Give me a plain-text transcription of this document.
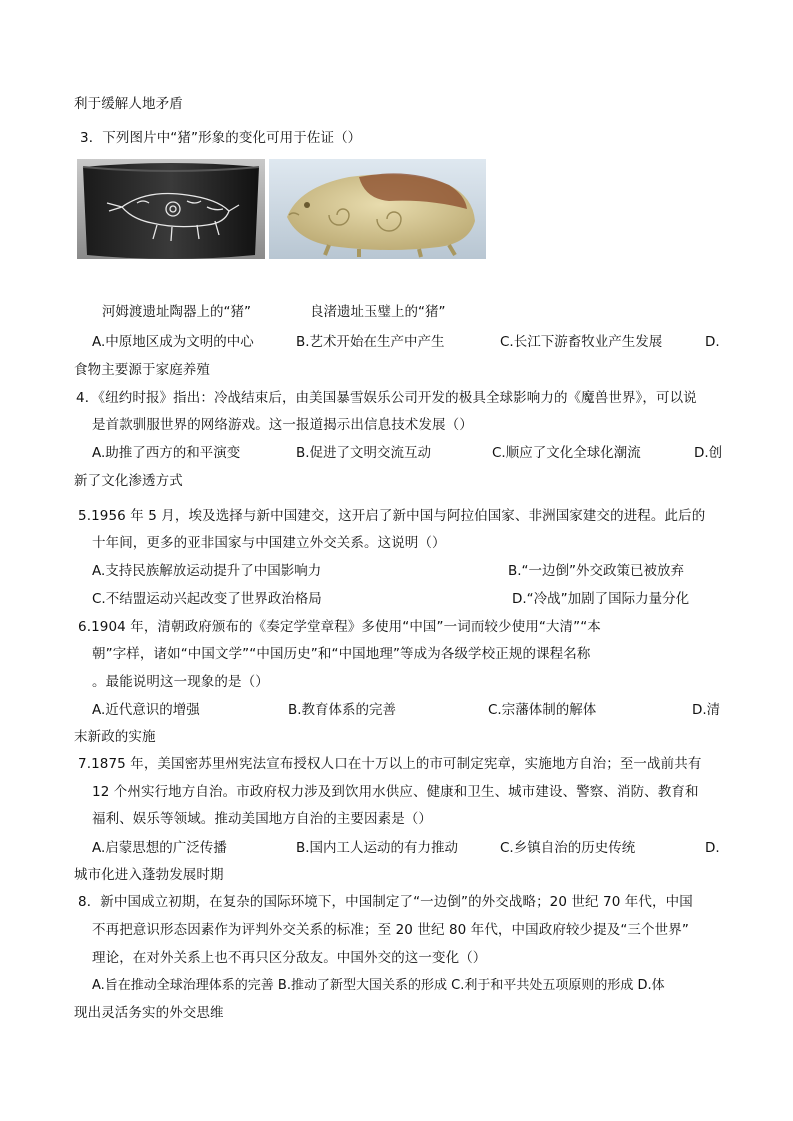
利于缓解人地矛盾
3．下列图片中“猪”形象的变化可用于佐证（）
河姆渡遗址陶器上的“猪”	良渚遗址玉璧上的“猪”
A.中原地区成为文明的中心	B.艺术开始在生产中产生	C.长江下游畜牧业产生发展	D.
食物主要源于家庭养殖
4．《纽约时报》指出：冷战结束后，由美国暴雪娱乐公司开发的极具全球影响力的《魔兽世界》，可以说
是首款驯服世界的网络游戏。这一报道揭示出信息技术发展（）
A.助推了西方的和平演变	B.促进了文明交流互动	C.顺应了文化全球化潮流	D.创
新了文化渗透方式
5.1956 年 5 月，埃及选择与新中国建交，这开启了新中国与阿拉伯国家、非洲国家建交的进程。此后的
十年间，更多的亚非国家与中国建立外交关系。这说明（）
A.支持民族解放运动提升了中国影响力	B.“一边倒”外交政策已被放弃
C.不结盟运动兴起改变了世界政治格局	D.“冷战”加剧了国际力量分化
6.1904 年，清朝政府颁布的《奏定学堂章程》多使用“中国”一词而较少使用“大清”“本
朝”字样，诸如“中国文学”“中国历史”和“中国地理”等成为各级学校正规的课程名称
。最能说明这一现象的是（）
A.近代意识的增强	B.教育体系的完善	C.宗藩体制的解体	D.清
末新政的实施
7.1875 年，美国密苏里州宪法宣布授权人口在十万以上的市可制定宪章，实施地方自治；至一战前共有
12 个州实行地方自治。市政府权力涉及到饮用水供应、健康和卫生、城市建设、警察、消防、教育和
福利、娱乐等领域。推动美国地方自治的主要因素是（）
A.启蒙思想的广泛传播	B.国内工人运动的有力推动	C.乡镇自治的历史传统	D.
城市化进入蓬勃发展时期
8．新中国成立初期，在复杂的国际环境下，中国制定了“一边倒”的外交战略；20 世纪 70 年代，中国
不再把意识形态因素作为评判外交关系的标准；至 20 世纪 80 年代，中国政府较少提及“三个世界”
理论，在对外关系上也不再只区分敌友。中国外交的这一变化（）
A.旨在推动全球治理体系的完善 B.推动了新型大国关系的形成 C.利于和平共处五项原则的形成 D.体
现出灵活务实的外交思维
